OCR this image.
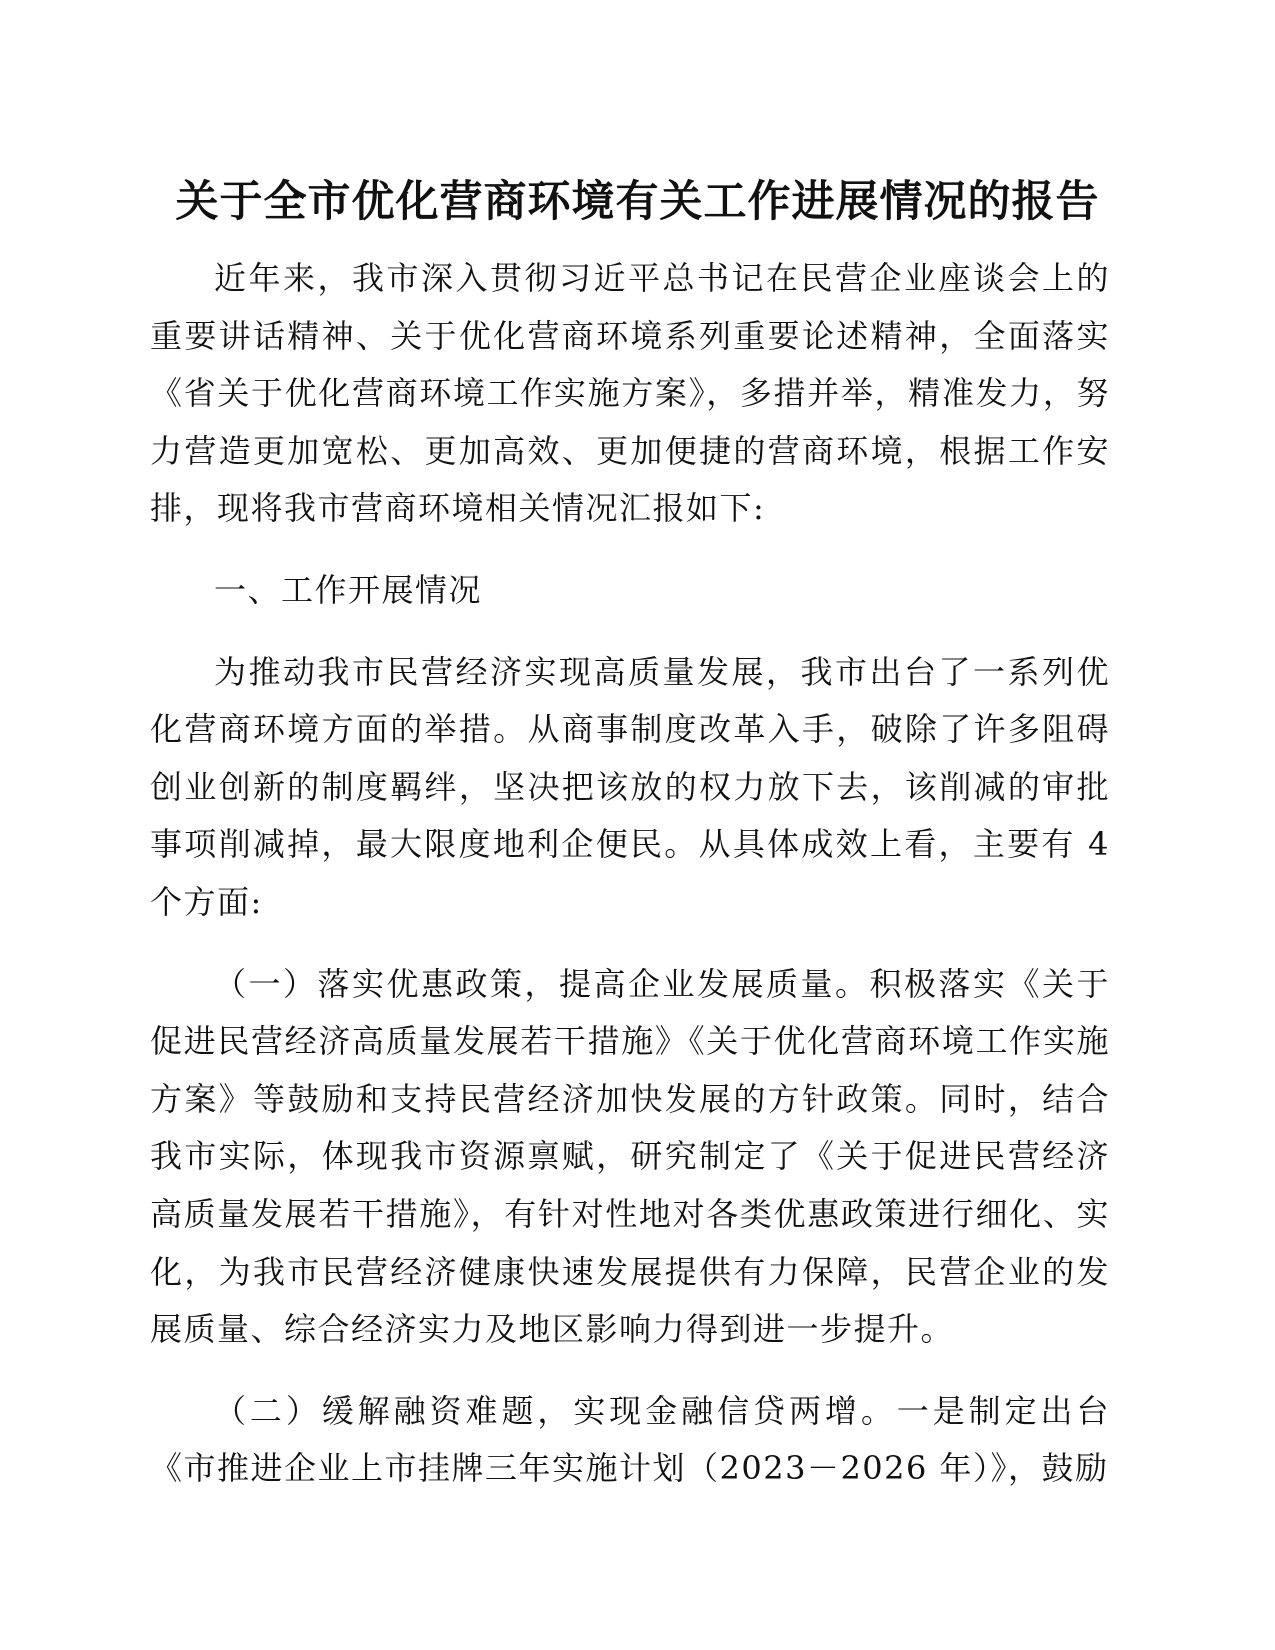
关于全市优化营商环境有关工作进展情况的报告

近年来，我市深入贯彻习近平总书记在民营企业座谈会上的重要讲话精神、关于优化营商环境系列重要论述精神，全面落实《省关于优化营商环境工作实施方案》，多措并举，精准发力，努力营造更加宽松、更加高效、更加便捷的营商环境，根据工作安排，现将我市营商环境相关情况汇报如下:

一、工作开展情况

为推动我市民营经济实现高质量发展，我市出台了一系列优化营商环境方面的举措。从商事制度改革入手，破除了许多阻碍创业创新的制度羁绊，坚决把该放的权力放下去，该削减的审批事项削减掉，最大限度地利企便民。从具体成效上看，主要有 4 个方面:

（一）落实优惠政策，提高企业发展质量。积极落实《关于促进民营经济高质量发展若干措施》《关于优化营商环境工作实施方案》等鼓励和支持民营经济加快发展的方针政策。同时，结合我市实际，体现我市资源禀赋，研究制定了《关于促进民营经济高质量发展若干措施》，有针对性地对各类优惠政策进行细化、实化，为我市民营经济健康快速发展提供有力保障，民营企业的发展质量、综合经济实力及地区影响力得到进一步提升。

（二）缓解融资难题，实现金融信贷两增。一是制定出台《市推进企业上市挂牌三年实施计划（2023－2026 年）》，鼓励
